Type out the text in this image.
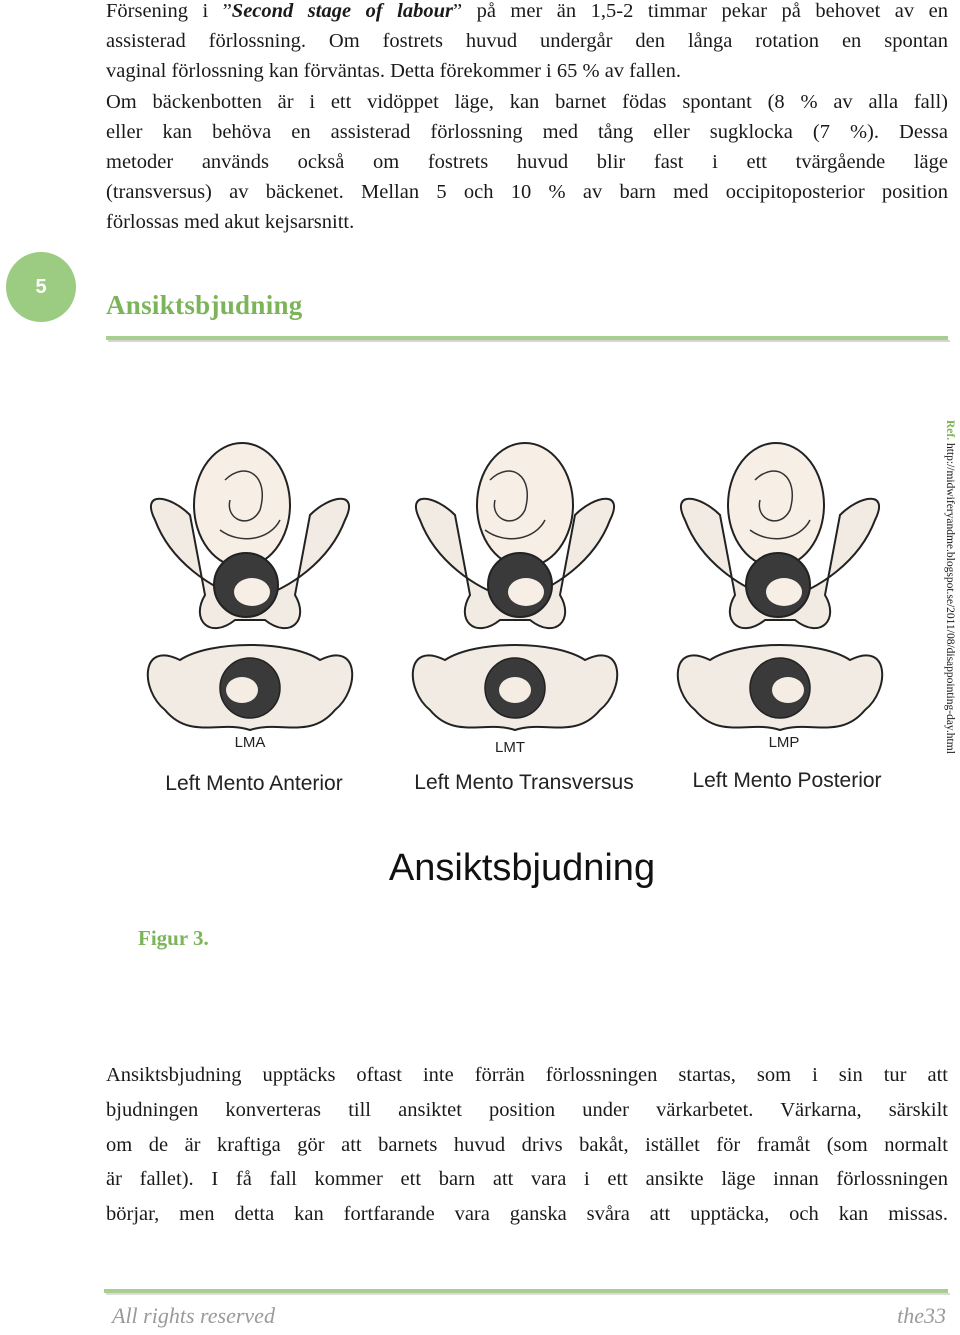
Försening i ”Second stage of labour” på mer än 1,5-2 timmar pekar på behovet av en
assisterad förlossning. Om fostrets huvud undergår den långa rotation en spontan
vaginal förlossning kan förväntas. Detta förekommer i 65 % av fallen.
Om bäckenbotten är i ett vidöppet läge, kan barnet födas spontant (8 % av alla fall)
eller kan behöva en assisterad förlossning med tång eller sugklocka (7 %). Dessa
metoder används också om fostrets huvud blir fast i ett tvärgående läge
(transversus) av bäckenet. Mellan 5 och 10 % av barn med occipitoposterior position
förlossas med akut kejsarsnitt.
5
Ansiktsbjudning
LMA	LMT	LMP
Left Mento Anterior	Left Mento Transversus	Left Mento Posterior
Ansiktsbjudning
Ref. http://midwiferyandme.blogspot.se/2011/08/disappointing-day.html

Figur 3.

Ansiktsbjudning upptäcks oftast inte förrän förlossningen startas, som i sin tur att
bjudningen konverteras till ansiktet position under värkarbetet. Värkarna, särskilt
om de är kraftiga gör att barnets huvud drivs bakåt, istället för framåt (som normalt
är fallet). I få fall kommer ett barn att vara i ett ansikte läge innan förlossningen
börjar, men detta kan fortfarande vara ganska svåra att upptäcka, och kan missas.
All rights reserved	the33
